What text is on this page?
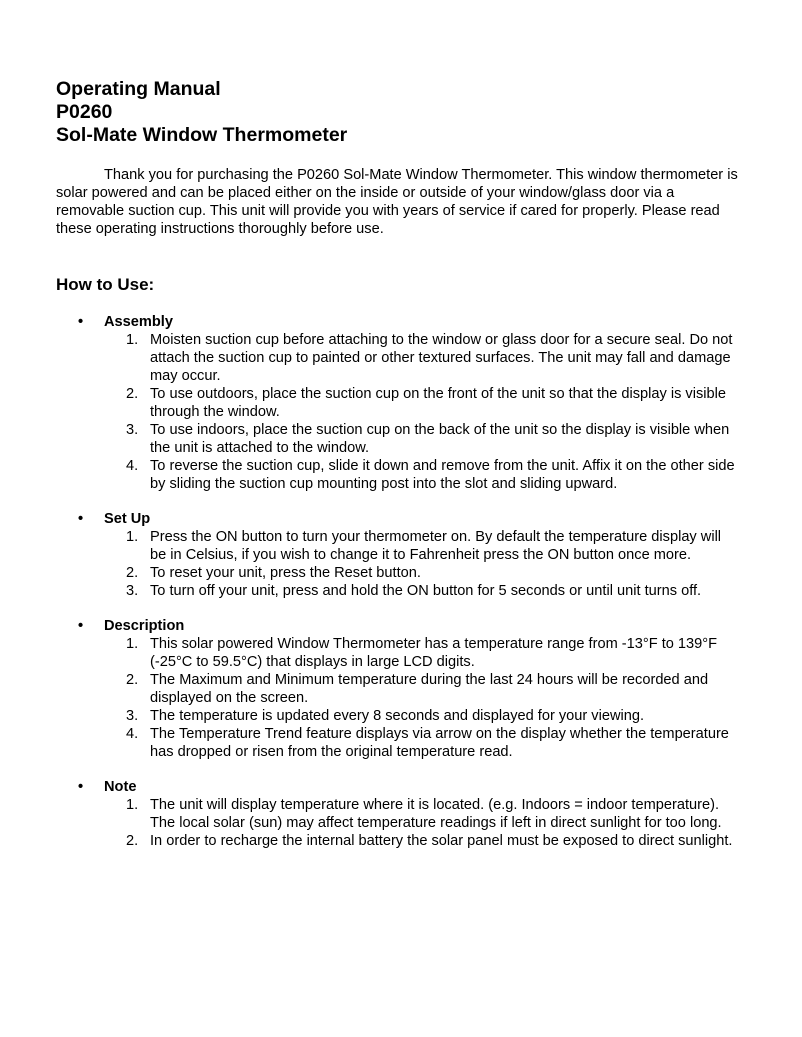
Operating Manual
P0260
Sol-Mate Window Thermometer

Thank you for purchasing the P0260 Sol-Mate Window Thermometer. This window thermometer is solar powered and can be placed either on the inside or outside of your window/glass door via a removable suction cup. This unit will provide you with years of service if cared for properly. Please read these operating instructions thoroughly before use.

How to Use:
• Assembly
1. Moisten suction cup before attaching to the window or glass door for a secure seal. Do not attach the suction cup to painted or other textured surfaces. The unit may fall and damage may occur.
2. To use outdoors, place the suction cup on the front of the unit so that the display is visible through the window.
3. To use indoors, place the suction cup on the back of the unit so the display is visible when the unit is attached to the window.
4. To reverse the suction cup, slide it down and remove from the unit. Affix it on the other side by sliding the suction cup mounting post into the slot and sliding upward.
• Set Up
1. Press the ON button to turn your thermometer on. By default the temperature display will be in Celsius, if you wish to change it to Fahrenheit press the ON button once more.
2. To reset your unit, press the Reset button.
3. To turn off your unit, press and hold the ON button for 5 seconds or until unit turns off.
• Description
1. This solar powered Window Thermometer has a temperature range from -13°F to 139°F (-25°C to 59.5°C) that displays in large LCD digits.
2. The Maximum and Minimum temperature during the last 24 hours will be recorded and displayed on the screen.
3. The temperature is updated every 8 seconds and displayed for your viewing.
4. The Temperature Trend feature displays via arrow on the display whether the temperature has dropped or risen from the original temperature read.
• Note
1. The unit will display temperature where it is located. (e.g. Indoors = indoor temperature). The local solar (sun) may affect temperature readings if left in direct sunlight for too long.
2. In order to recharge the internal battery the solar panel must be exposed to direct sunlight.
